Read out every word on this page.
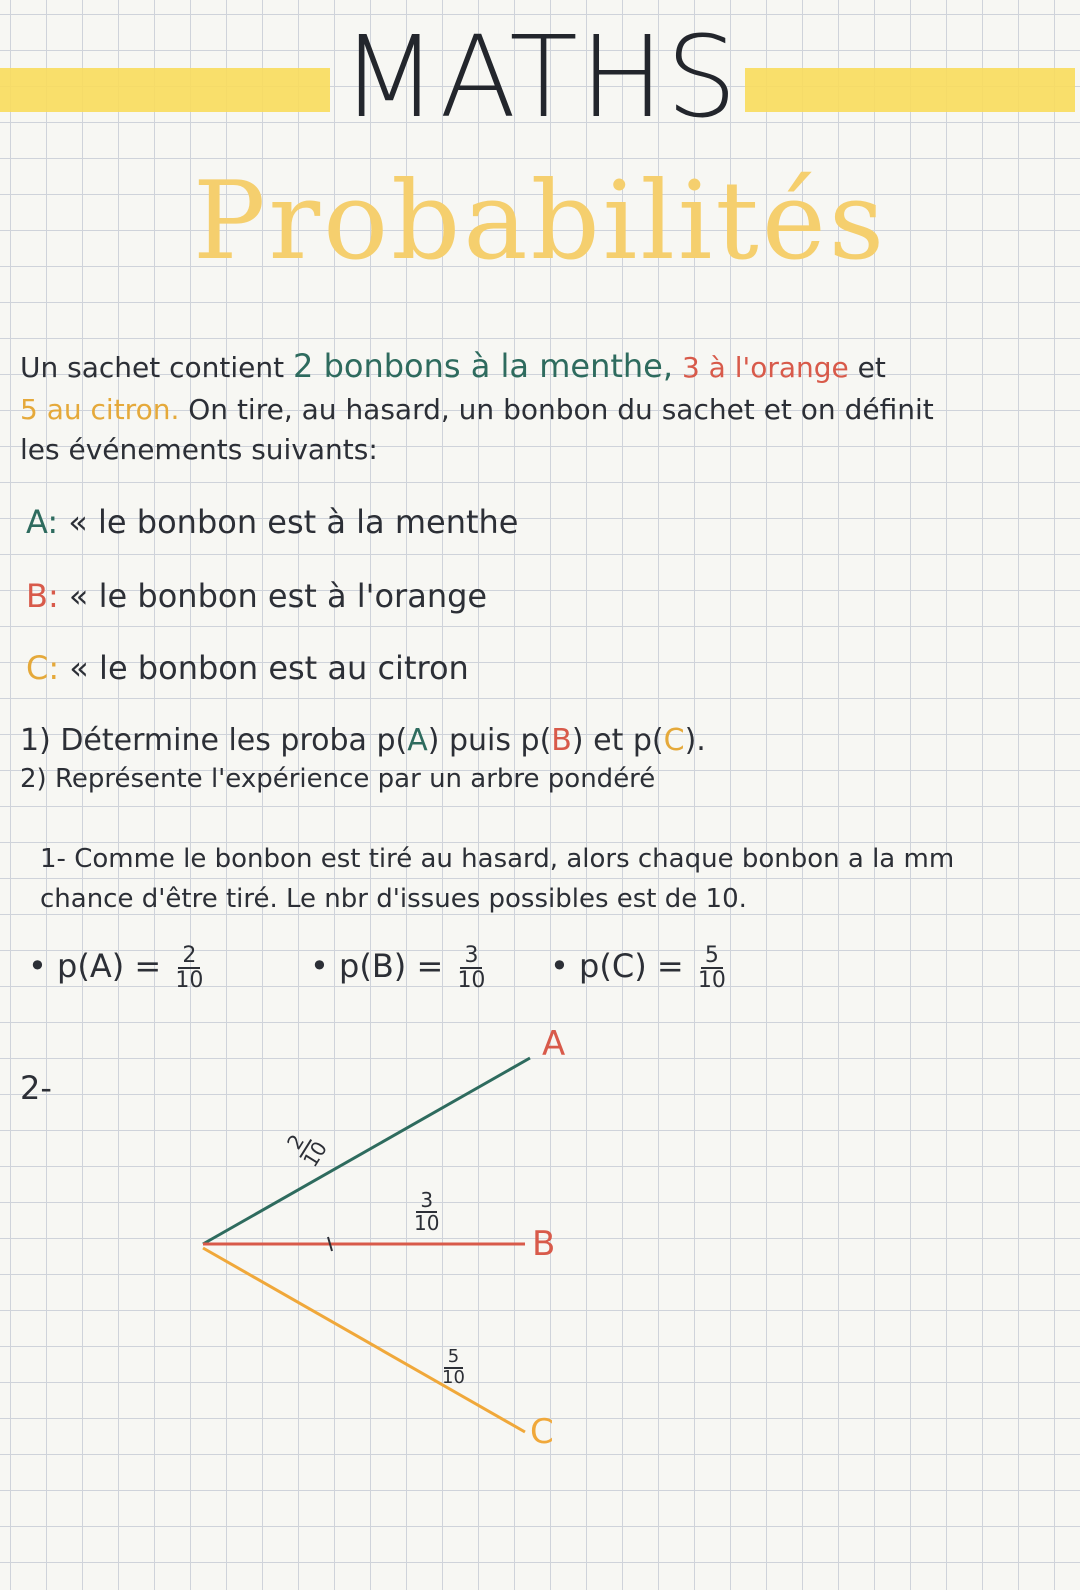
MATHS
Probabilités
Un sachet contient 2 bonbons à la menthe, 3 à l'orange et
5 au citron. On tire, au hasard, un bonbon du sachet et on définit
les événements suivants:
A: « le bonbon est à la menthe
B: « le bonbon est à l'orange
C: « le bonbon est au citron
1) Détermine les proba p(A) puis p(B) et p(C).
2) Représente l'expérience par un arbre pondéré
1- Comme le bonbon est tiré au hasard, alors chaque bonbon a la mm
chance d'être tiré. Le nbr d'issues possibles est de 10.
• $p(A) = \frac{2}{10}$	• $p(B) = \frac{3}{10}$ • $p(C) = \frac{5}{10}$
2-
2
10
$\frac{3}{10}$
$\frac{5}{10}$
A
B
C
